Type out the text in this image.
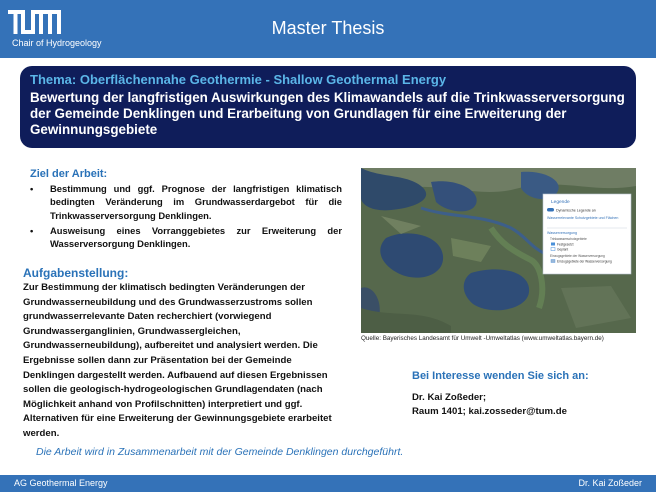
Chair of Hydrogeology
Master Thesis
Thema: Oberflächennahe Geothermie - Shallow Geothermal Energy
Bewertung der langfristigen Auswirkungen des Klimawandels auf die Trinkwasserversorgung der Gemeinde Denklingen und Erarbeitung von Grundlagen für eine Erweiterung der Gewinnungsgebiete
Ziel der Arbeit:
• Bestimmung und ggf. Prognose der langfristigen klimatisch bedingten Veränderung im Grundwasserdargebot für die Trinkwasserversorgung Denklingen.
• Ausweisung eines Vorranggebietes zur Erweiterung der Wasserversorgung Denklingen.
Aufgabenstellung:
Zur Bestimmung der klimatisch bedingten Veränderungen der Grundwasserneubildung und des Grundwasserzustroms sollen grundwasserrelevante Daten recherchiert (vorwiegend Grundwasserganglinien, Grundwassergleichen, Grundwasserneubildung), aufbereitet und analysiert werden. Die Ergebnisse sollen dann zur Präsentation bei der Gemeinde Denklingen dargestellt werden. Aufbauend auf diesen Ergebnissen sollen die geologisch-hydrogeologischen Grundlagendaten (nach Möglichkeit anhand von Profilschnitten) interpretiert und ggf. Alternativen für eine Erweiterung der Gewinnungsgebiete erarbeitet werden.
Legende
Dynamische Legende an
Wasserrelevante Schutzgebiete und Flächen
Wasserversorgung
Trinkwasserschutzgebiete
Festgesetzt
Geplant
Einzugsgebiete der Wasserversorgung
Einzugsgebiete der Wasserversorgung
Quelle: Bayerisches Landesamt für Umwelt -Umweltatlas (www.umweltatlas.bayern.de)
Bei Interesse wenden Sie sich an:
Dr. Kai Zoßeder;
Raum 1401; kai.zosseder@tum.de
Die Arbeit wird in Zusammenarbeit mit der Gemeinde Denklingen durchgeführt.
AG Geothermal Energy	Dr. Kai Zoßeder
